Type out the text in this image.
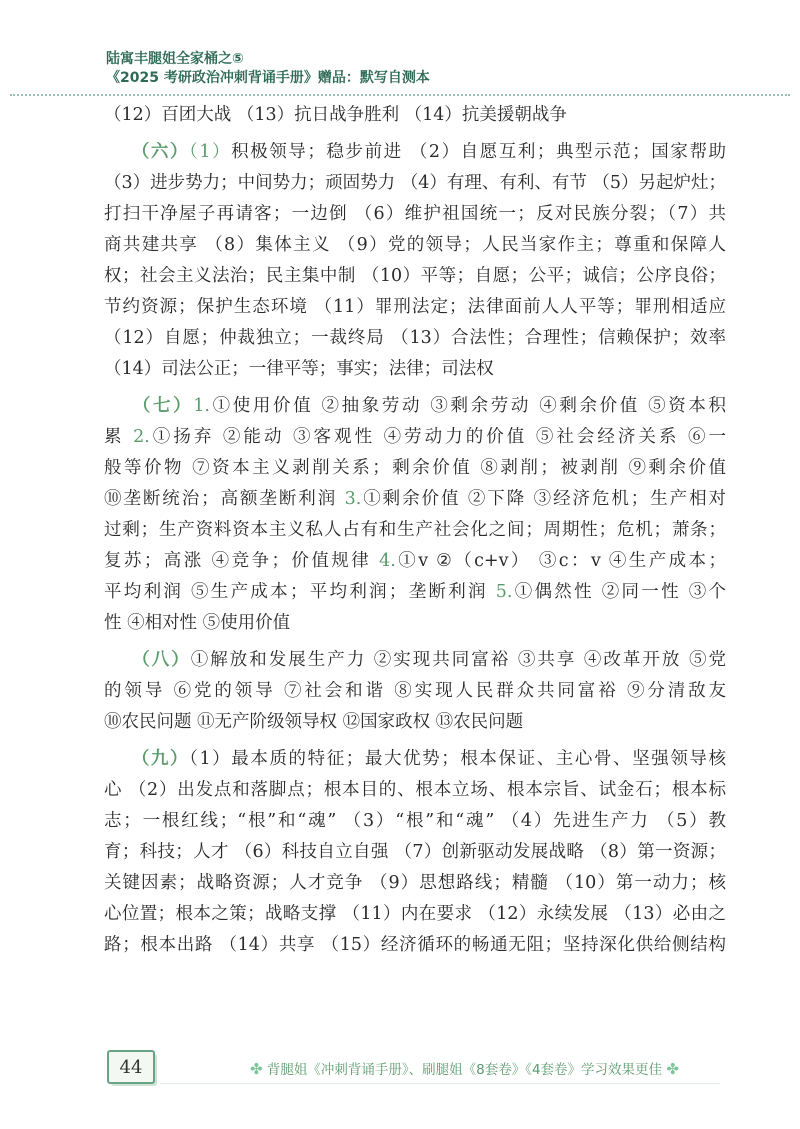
陆寓丰腿姐全家桶之⑤
《2025 考研政治冲刺背诵手册》赠品：默写自测本
（12）百团大战 （13）抗日战争胜利 （14）抗美援朝战争
  （六）（1）积极领导；稳步前进 （2）自愿互利；典型示范；国家帮助
（3）进步势力；中间势力；顽固势力 （4）有理、有利、有节 （5）另起炉灶；
打扫干净屋子再请客；一边倒 （6）维护祖国统一；反对民族分裂；（7）共
商共建共享 （8）集体主义 （9）党的领导；人民当家作主；尊重和保障人
权；社会主义法治；民主集中制 （10）平等；自愿；公平；诚信；公序良俗；
节约资源；保护生态环境 （11）罪刑法定；法律面前人人平等；罪刑相适应
（12）自愿；仲裁独立；一裁终局 （13）合法性；合理性；信赖保护；效率
（14）司法公正；一律平等；事实；法律；司法权
  （七）1.①使用价值 ②抽象劳动 ③剩余劳动 ④剩余价值 ⑤资本积
累 2.①扬弃 ②能动 ③客观性 ④劳动力的价值 ⑤社会经济关系 ⑥一
般等价物 ⑦资本主义剥削关系；剩余价值 ⑧剥削；被剥削 ⑨剩余价值
⑩垄断统治；高额垄断利润 3.①剩余价值 ②下降 ③经济危机；生产相对
过剩；生产资料资本主义私人占有和生产社会化之间；周期性；危机；萧条；
复苏；高涨 ④竞争；价值规律 4.①v ②（c+v） ③c：v ④生产成本；
平均利润 ⑤生产成本；平均利润；垄断利润 5.①偶然性 ②同一性 ③个
性 ④相对性 ⑤使用价值
  （八）①解放和发展生产力 ②实现共同富裕 ③共享 ④改革开放 ⑤党
的领导 ⑥党的领导 ⑦社会和谐 ⑧实现人民群众共同富裕 ⑨分清敌友
⑩农民问题 ⑪无产阶级领导权 ⑫国家政权 ⑬农民问题
  （九）（1）最本质的特征；最大优势；根本保证、主心骨、坚强领导核
心 （2）出发点和落脚点；根本目的、根本立场、根本宗旨、试金石；根本标
志；一根红线；“根”和“魂” （3）“根”和“魂” （4）先进生产力 （5）教
育；科技；人才 （6）科技自立自强 （7）创新驱动发展战略 （8）第一资源；
关键因素；战略资源；人才竞争 （9）思想路线；精髓 （10）第一动力；核
心位置；根本之策；战略支撑 （11）内在要求 （12）永续发展 （13）必由之
路；根本出路 （14）共享 （15）经济循环的畅通无阻；坚持深化供给侧结构
44	✤ 背腿姐《冲刺背诵手册》、刷腿姐《8套卷》《4套卷》学习效果更佳 ✤
